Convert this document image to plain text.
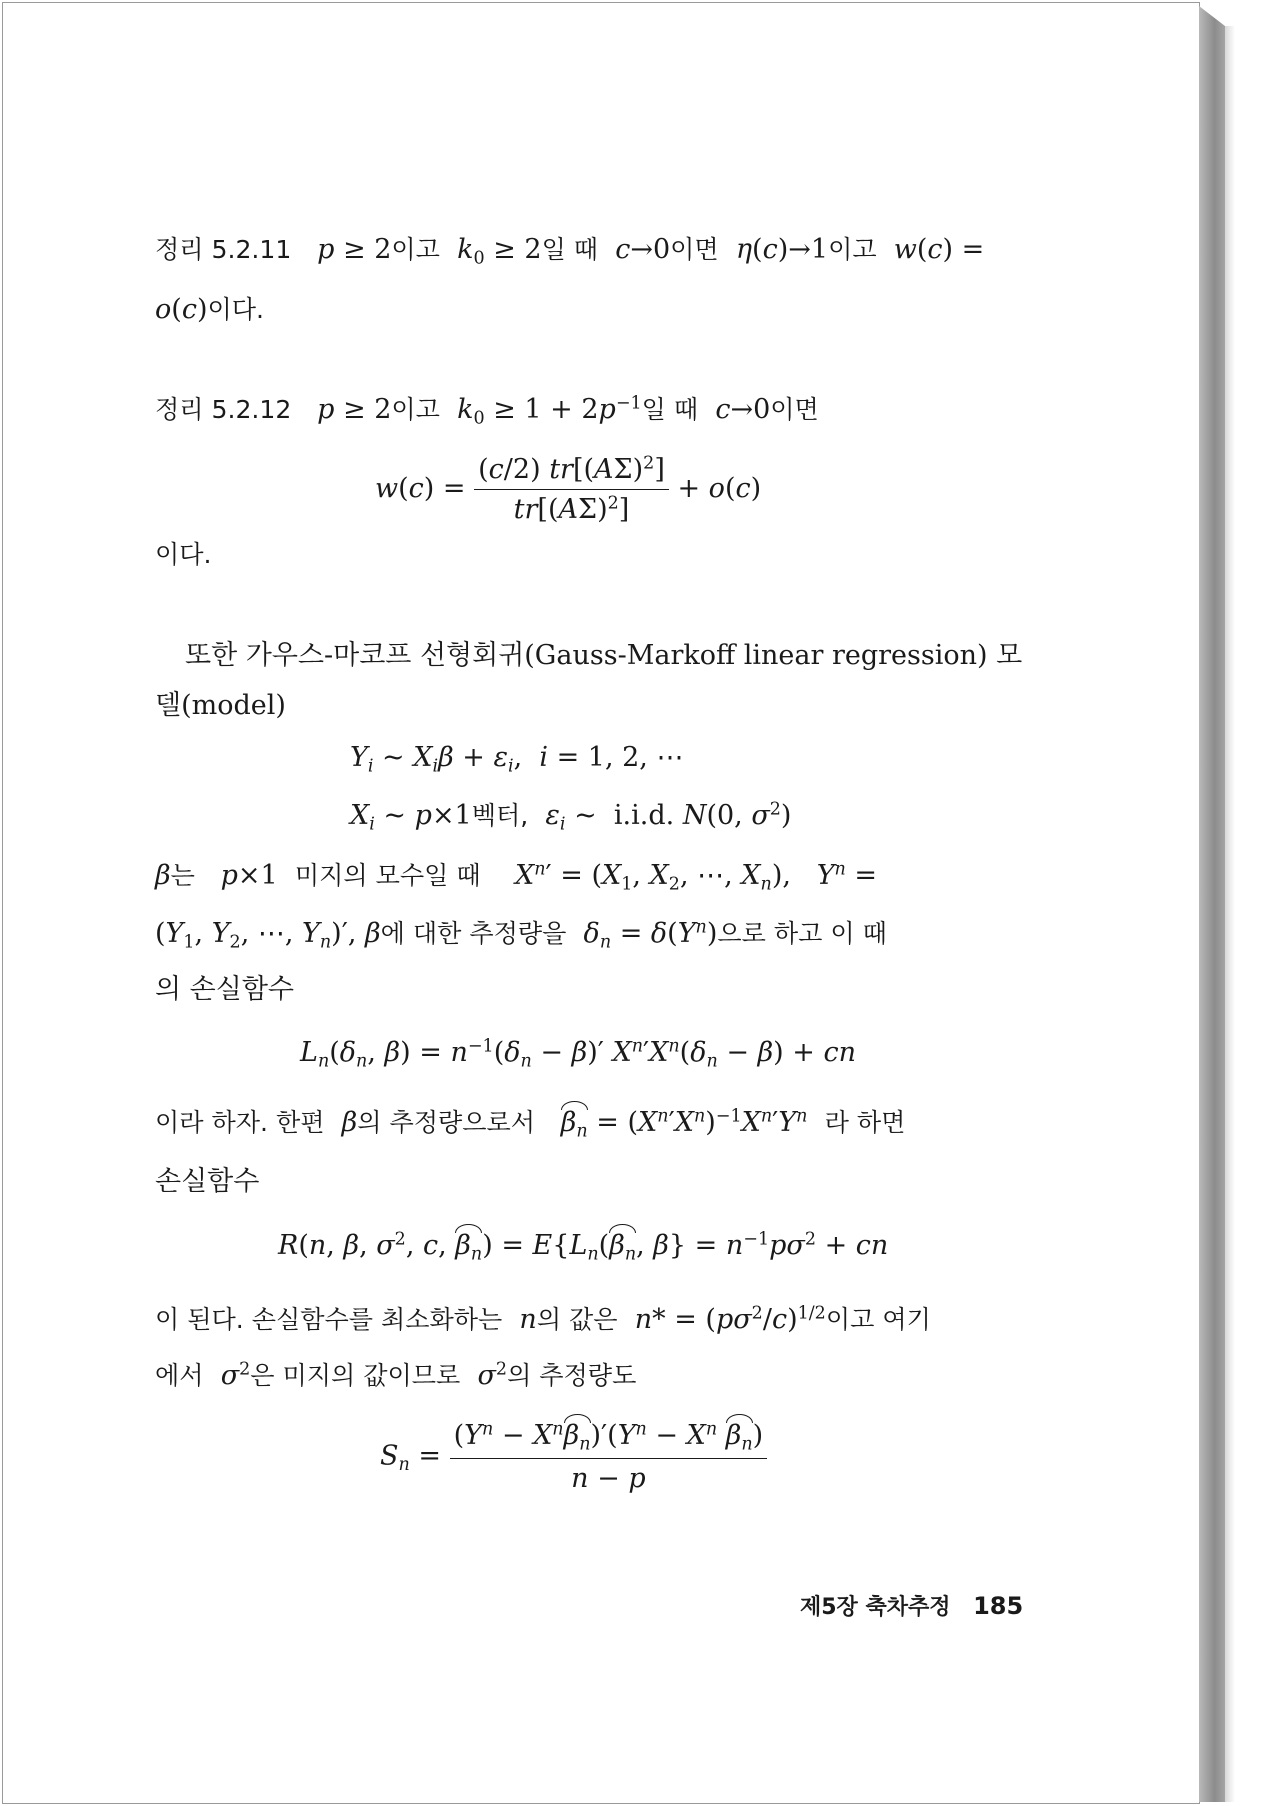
정리 5.2.11 p ≥ 2이고 $k_0 \ge 2$일 때 c→0이면 η(c)→1이고 w(c) =
o(c)이다.
정리 5.2.12 p ≥ 2이고 $k_0 \ge 1 + 2p^{-1}$일 때 c→0이면
$w(c) = \frac{(c/2) tr[(A\Sigma)^2]}{tr[(A\Sigma)^2]} + o(c)$
이다.
또한 가우스-마코프 선형회귀(Gauss-Markoff linear regression) 모
델(model)
$Y_i$ ~ $X_i\beta + \varepsilon_i$,  i = 1, 2, ⋯
$X_i$ ~ p×1벡터, $\varepsilon_i$ ~  i.i.d. N(0, $\sigma^2$)
β는 p×1  미지의 모수일 때 $X^n' = (X_1$, $X_2$, ⋯, $X_n$),   $Y^n$ =
($Y_1$, $Y_2$, ⋯, $Y_n)'$, β에 대한 추정량을 $\delta_n = \delta(Y^n)$으로 하고 이 때
의 손실함수
$L_n(\delta_n$, $\beta) = n^{-1}(\delta_n - \beta)'$ $X^n'X^n(\delta_n - \beta)$ + cn
이라 하자. 한편 β의 추정량으로서 $\beta_n = (X^n'X^n)^{-1}X^n'Y^n$ 라 하면
손실함수
R(n, β, $\sigma^2$, c, $\beta_n) = E\{L_n(\beta_n$, $\beta\} = n^{-1}p\sigma^2$ + cn
이 된다. 손실함수를 최소화하는 n의 값은 $n* = (p\sigma^2/c)^{1/2}$이고 여기
에서 $\sigma^2$은 미지의 값이므로 $\sigma^2$의 추정량도
$S_n = \frac{(Y^n - X^n\beta_n)'(Y^n - X^n \beta_n)}{n - p}$
제5장 축차추정 185
